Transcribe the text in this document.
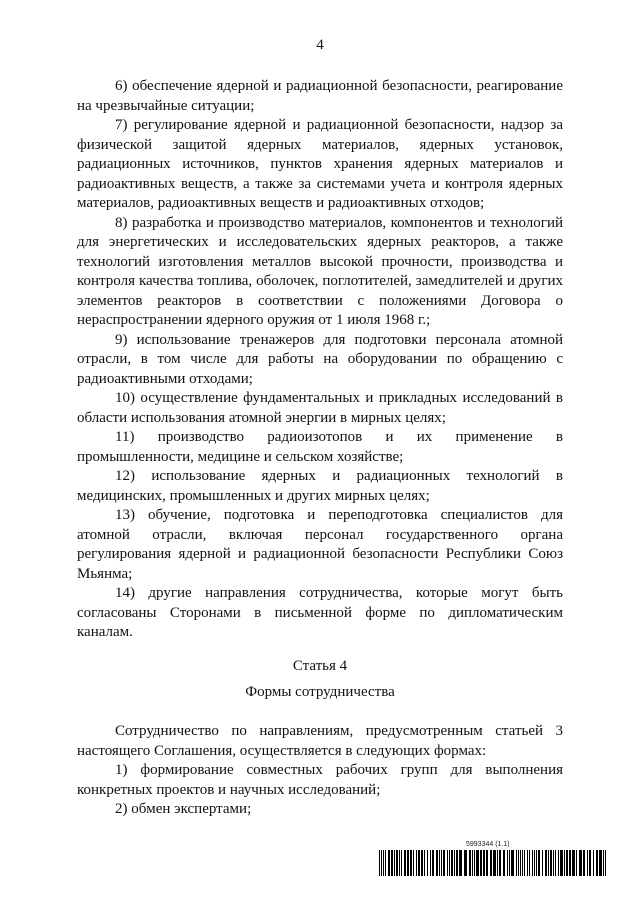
4

6) обеспечение ядерной и радиационной безопасности, реагирование на чрезвычайные ситуации;

7) регулирование ядерной и радиационной безопасности, надзор за физической защитой ядерных материалов, ядерных установок, радиационных источников, пунктов хранения ядерных материалов и радиоактивных веществ, а также за системами учета и контроля ядерных материалов, радиоактивных веществ и радиоактивных отходов;

8) разработка и производство материалов, компонентов и технологий для энергетических и исследовательских ядерных реакторов, а также технологий изготовления металлов высокой прочности, производства и контроля качества топлива, оболочек, поглотителей, замедлителей и других элементов реакторов в соответствии с положениями Договора о нераспространении ядерного оружия от 1 июля 1968 г.;

9) использование тренажеров для подготовки персонала атомной отрасли, в том числе для работы на оборудовании по обращению с радиоактивными отходами;

10) осуществление фундаментальных и прикладных исследований в области использования атомной энергии в мирных целях;

11) производство радиоизотопов и их применение в промышленности, медицине и сельском хозяйстве;

12) использование ядерных и радиационных технологий в медицинских, промышленных и других мирных целях;

13) обучение, подготовка и переподготовка специалистов для атомной отрасли, включая персонал государственного органа регулирования ядерной и радиационной безопасности Республики Союз Мьянма;

14) другие направления сотрудничества, которые могут быть согласованы Сторонами в письменной форме по дипломатическим каналам.

Статья 4
Формы сотрудничества

Сотрудничество по направлениям, предусмотренным статьей 3 настоящего Соглашения, осуществляется в следующих формах:

1) формирование совместных рабочих групп для выполнения конкретных проектов и научных исследований;

2) обмен экспертами;

5993344 (1.1)
